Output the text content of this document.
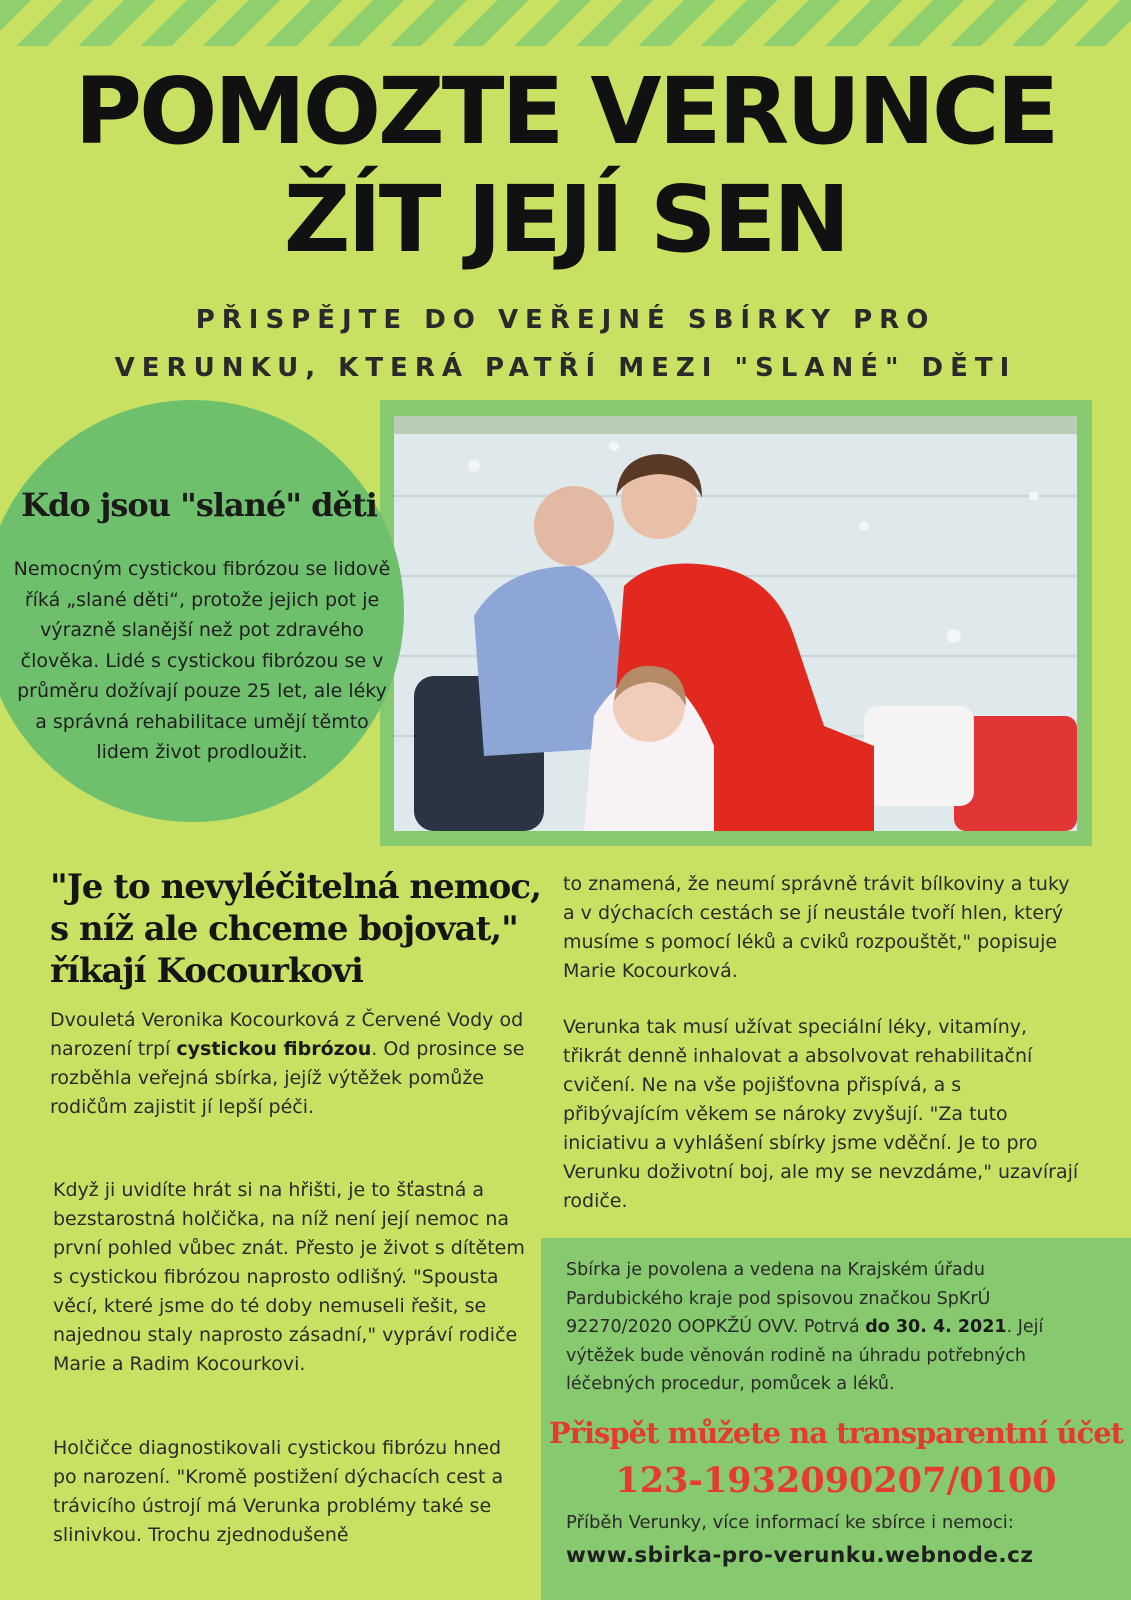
POMOZTE VERUNCE
ŽÍT JEJÍ SEN
PŘISPĚJTE DO VEŘEJNÉ SBÍRKY PRO
VERUNKU, KTERÁ PATŘÍ MEZI "SLANÉ" DĚTI
Kdo jsou "slané" děti
Nemocným cystickou fibrózou se lidově říká „slané děti“, protože jejich pot je výrazně slanější než pot zdravého člověka. Lidé s cystickou fibrózou se v průměru dožívají pouze 25 let, ale léky a správná rehabilitace umějí těmto lidem život prodloužit.
"Je to nevyléčitelná nemoc, s níž ale chceme bojovat," říkají Kocourkovi

Dvouletá Veronika Kocourková z Červené Vody od narození trpí cystickou fibrózou. Od prosince se rozběhla veřejná sbírka, jejíž výtěžek pomůže rodičům zajistit jí lepší péči.

Když ji uvidíte hrát si na hřišti, je to šťastná a bezstarostná holčička, na níž není její nemoc na první pohled vůbec znát. Přesto je život s dítětem s cystickou fibrózou naprosto odlišný. "Spousta věcí, které jsme do té doby nemuseli řešit, se najednou staly naprosto zásadní," vypráví rodiče Marie a Radim Kocourkovi.

Holčičce diagnostikovali cystickou fibrózu hned po narození. "Kromě postižení dýchacích cest a trávicího ústrojí má Verunka problémy také se slinivkou. Trochu zjednodušeně

to znamená, že neumí správně trávit bílkoviny a tuky a v dýchacích cestách se jí neustále tvoří hlen, který musíme s pomocí léků a cviků rozpouštět," popisuje Marie Kocourková.

Verunka tak musí užívat speciální léky, vitamíny, třikrát denně inhalovat a absolvovat rehabilitační cvičení. Ne na vše pojišťovna přispívá, a s přibývajícím věkem se nároky zvyšují. "Za tuto iniciativu a vyhlášení sbírky jsme vděční. Je to pro Verunku doživotní boj, ale my se nevzdáme," uzavírají rodiče.

Sbírka je povolena a vedena na Krajském úřadu Pardubického kraje pod spisovou značkou SpKrÚ 92270/2020 OOPKŽÚ OVV. Potrvá do 30. 4. 2021. Její výtěžek bude věnován rodině na úhradu potřebných léčebných procedur, pomůcek a léků.

Přispět můžete na transparentní účet
123-1932090207/0100
Příběh Verunky, více informací ke sbírce i nemoci:
www.sbirka-pro-verunku.webnode.cz
